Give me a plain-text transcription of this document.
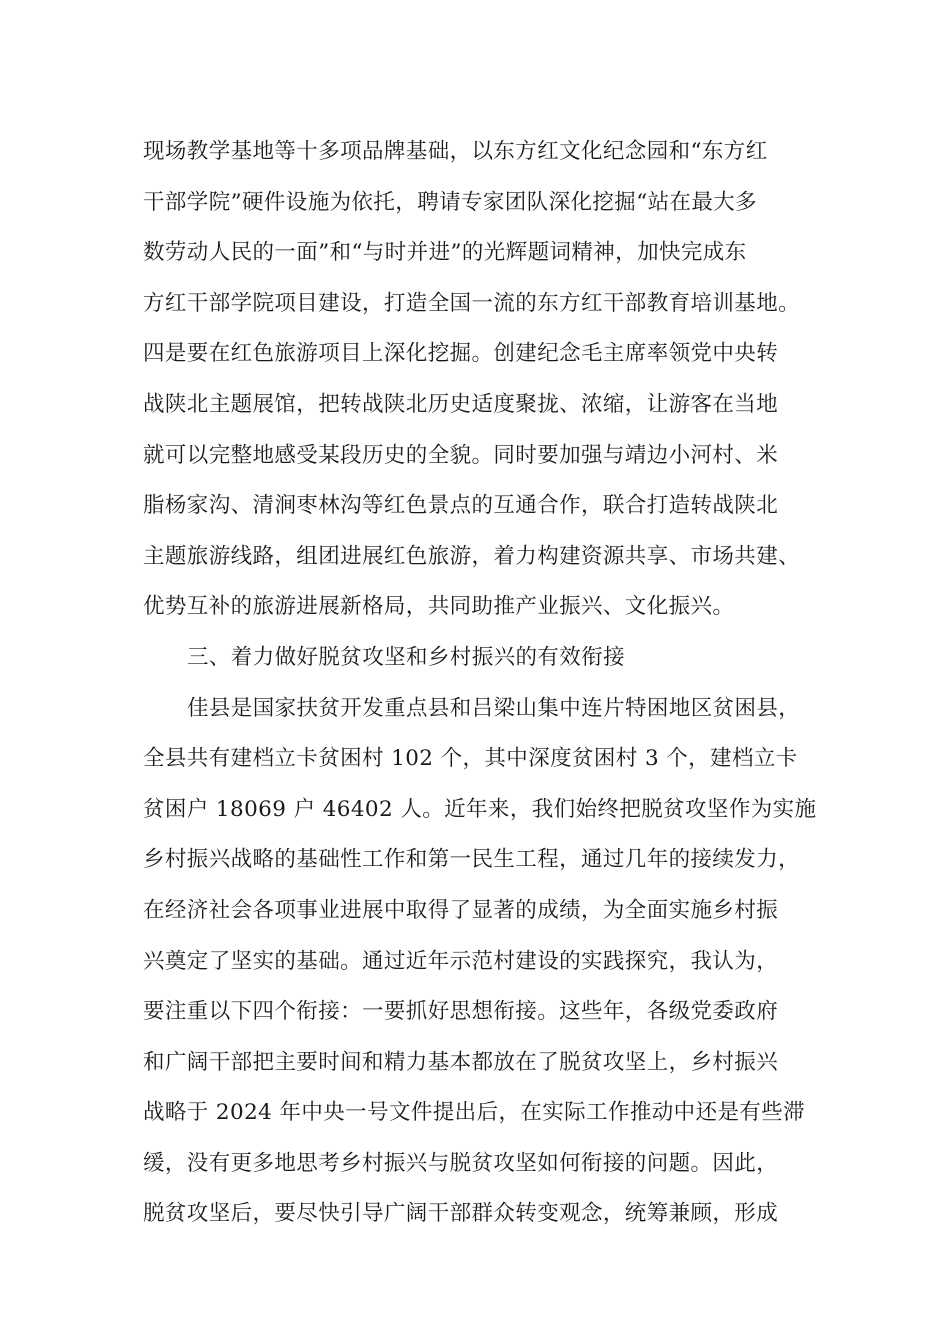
现场教学基地等十多项品牌基础，以东方红文化纪念园和“东方红
干部学院”硬件设施为依托，聘请专家团队深化挖掘“站在最大多
数劳动人民的一面”和“与时并进”的光辉题词精神，加快完成东
方红干部学院项目建设，打造全国一流的东方红干部教育培训基地。
四是要在红色旅游项目上深化挖掘。创建纪念毛主席率领党中央转
战陕北主题展馆，把转战陕北历史适度聚拢、浓缩，让游客在当地
就可以完整地感受某段历史的全貌。同时要加强与靖边小河村、米
脂杨家沟、清涧枣林沟等红色景点的互通合作，联合打造转战陕北
主题旅游线路，组团进展红色旅游，着力构建资源共享、市场共建、
优势互补的旅游进展新格局，共同助推产业振兴、文化振兴。
三、着力做好脱贫攻坚和乡村振兴的有效衔接
佳县是国家扶贫开发重点县和吕梁山集中连片特困地区贫困县，
全县共有建档立卡贫困村 102 个，其中深度贫困村 3 个，建档立卡
贫困户 18069 户 46402 人。近年来，我们始终把脱贫攻坚作为实施
乡村振兴战略的基础性工作和第一民生工程，通过几年的接续发力，
在经济社会各项事业进展中取得了显著的成绩，为全面实施乡村振
兴奠定了坚实的基础。通过近年示范村建设的实践探究，我认为，
要注重以下四个衔接：一要抓好思想衔接。这些年，各级党委政府
和广阔干部把主要时间和精力基本都放在了脱贫攻坚上，乡村振兴
战略于 2024 年中央一号文件提出后，在实际工作推动中还是有些滞
缓，没有更多地思考乡村振兴与脱贫攻坚如何衔接的问题。因此，
脱贫攻坚后，要尽快引导广阔干部群众转变观念，统筹兼顾，形成
